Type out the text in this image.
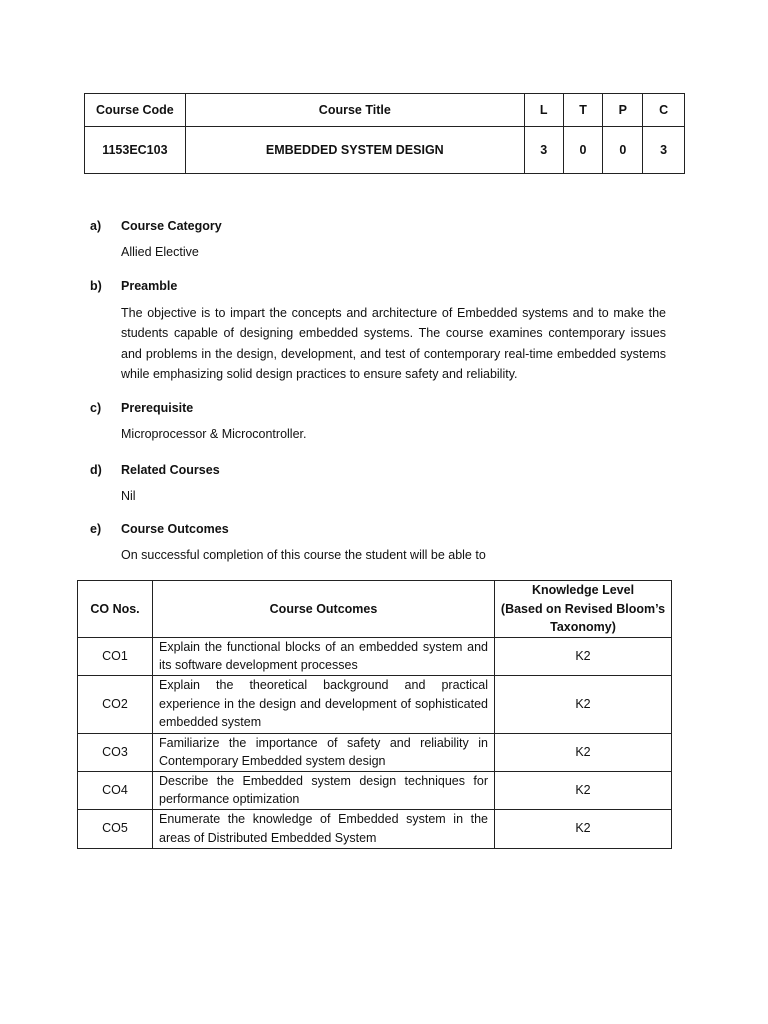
Course Code	Course Title	L	T	P	C
1153EC103	EMBEDDED SYSTEM DESIGN	3	0	0	3
a) Course Category
Allied Elective
b) Preamble
The objective is to impart the concepts and architecture of Embedded systems and to make the students capable of designing embedded systems. The course examines contemporary issues and problems in the design, development, and test of contemporary real-time embedded systems while emphasizing solid design practices to ensure safety and reliability.
c) Prerequisite
Microprocessor & Microcontroller.
d) Related Courses
Nil
e) Course Outcomes
On successful completion of this course the student will be able to
CO Nos.	Course Outcomes	Knowledge Level
(Based on Revised Bloom’s
Taxonomy)

CO1	Explain the functional blocks of an embedded system and its software development processes	K2
CO2	Explain the theoretical background and practical experience in the design and development of sophisticated embedded system	K2
CO3	Familiarize the importance of safety and reliability in Contemporary Embedded system design	K2
CO4	Describe the Embedded system design techniques for performance optimization	K2
CO5	Enumerate the knowledge of Embedded system in the areas of Distributed Embedded System	K2
